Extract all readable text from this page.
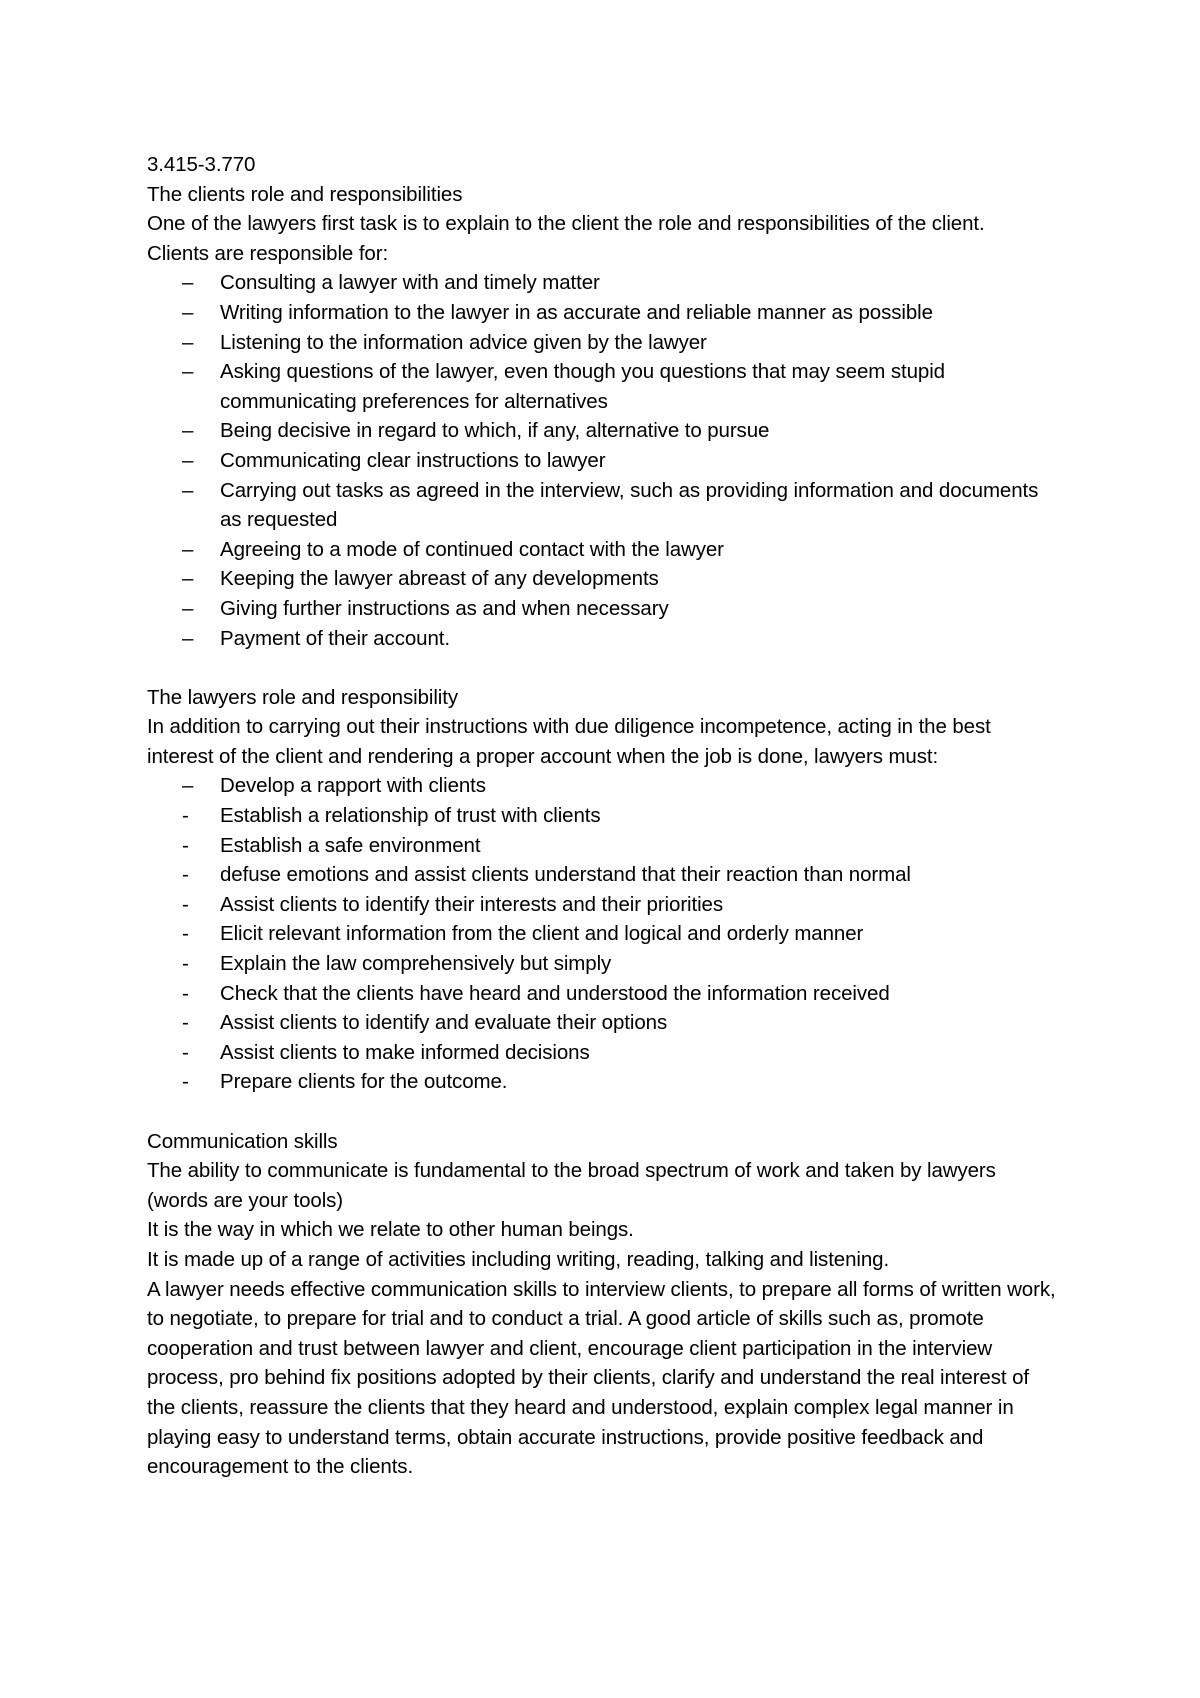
3.415-3.770

The clients role and responsibilities

One of the lawyers first task is to explain to the client the role and responsibilities of the client.

Clients are responsible for:

–	Consulting a lawyer with and timely matter
–	Writing information to the lawyer in as accurate and reliable manner as possible
–	Listening to the information advice given by the lawyer
–	Asking questions of the lawyer, even though you questions that may seem stupid communicating preferences for alternatives
–	Being decisive in regard to which, if any, alternative to pursue
–	Communicating clear instructions to lawyer
–	Carrying out tasks as agreed in the interview, such as providing information and documents as requested
–	Agreeing to a mode of continued contact with the lawyer
–	Keeping the lawyer abreast of any developments
–	Giving further instructions as and when necessary
–	Payment of their account.

The lawyers role and responsibility

In addition to carrying out their instructions with due diligence incompetence, acting in the best interest of the client and rendering a proper account when the job is done, lawyers must:

–	Develop a rapport with clients
-	Establish a relationship of trust with clients
-	Establish a safe environment
-	defuse emotions and assist clients understand that their reaction than normal
-	Assist clients to identify their interests and their priorities
-	Elicit relevant information from the client and logical and orderly manner
-	Explain the law comprehensively but simply
-	Check that the clients have heard and understood the information received
-	Assist clients to identify and evaluate their options
-	Assist clients to make informed decisions
-	Prepare clients for the outcome.

Communication skills

The ability to communicate is fundamental to the broad spectrum of work and taken by lawyers (words are your tools)

It is the way in which we relate to other human beings.

It is made up of a range of activities including writing, reading, talking and listening.

A lawyer needs effective communication skills to interview clients, to prepare all forms of written work, to negotiate, to prepare for trial and to conduct a trial. A good article of skills such as, promote cooperation and trust between lawyer and client, encourage client participation in the interview process, pro behind fix positions adopted by their clients, clarify and understand the real interest of the clients, reassure the clients that they heard and understood, explain complex legal manner in playing easy to understand terms, obtain accurate instructions, provide positive feedback and encouragement to the clients.
